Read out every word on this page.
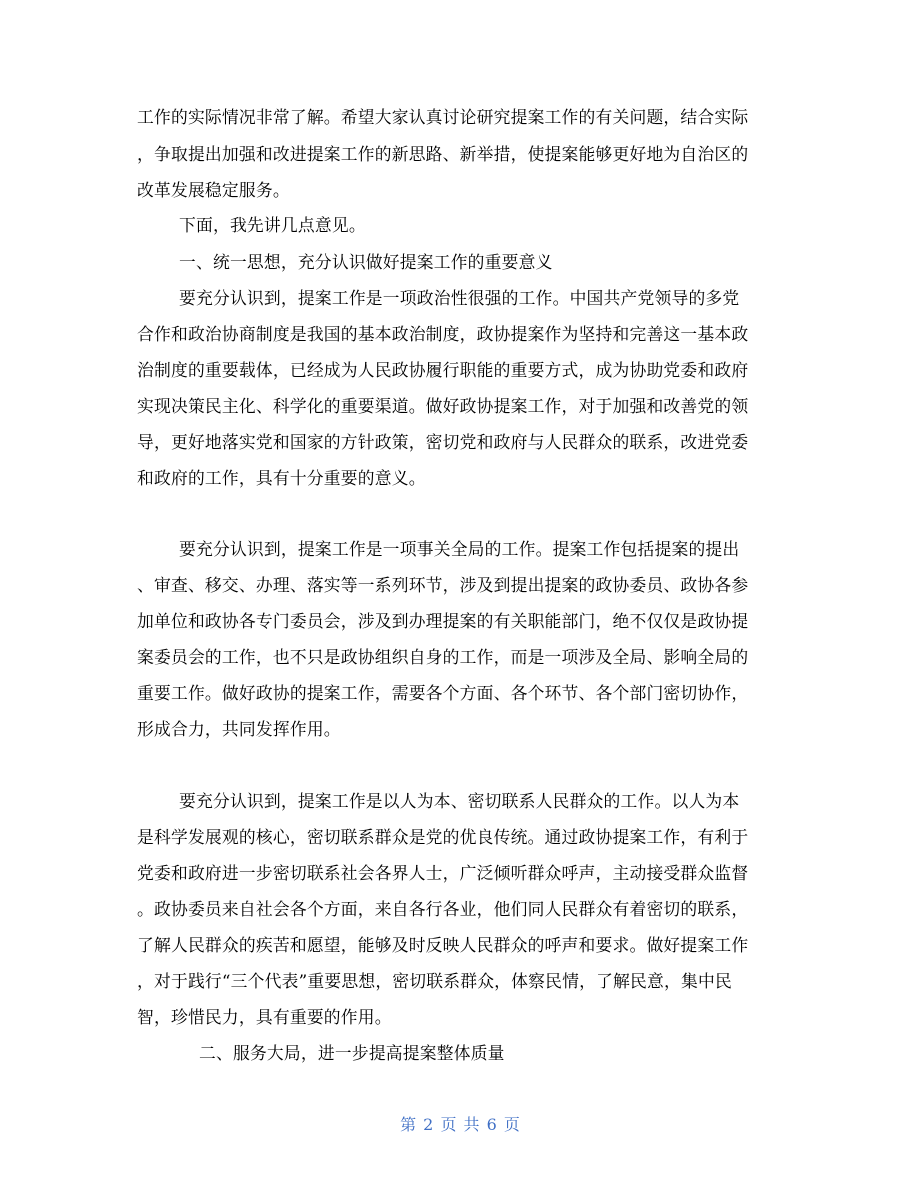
工作的实际情况非常了解。希望大家认真讨论研究提案工作的有关问题，结合实际
，争取提出加强和改进提案工作的新思路、新举措，使提案能够更好地为自治区的
改革发展稳定服务。
下面，我先讲几点意见。
一、统一思想，充分认识做好提案工作的重要意义
要充分认识到，提案工作是一项政治性很强的工作。中国共产党领导的多党
合作和政治协商制度是我国的基本政治制度，政协提案作为坚持和完善这一基本政
治制度的重要载体，已经成为人民政协履行职能的重要方式，成为协助党委和政府
实现决策民主化、科学化的重要渠道。做好政协提案工作，对于加强和改善党的领
导，更好地落实党和国家的方针政策，密切党和政府与人民群众的联系，改进党委
和政府的工作，具有十分重要的意义。
要充分认识到，提案工作是一项事关全局的工作。提案工作包括提案的提出
、审查、移交、办理、落实等一系列环节，涉及到提出提案的政协委员、政协各参
加单位和政协各专门委员会，涉及到办理提案的有关职能部门，绝不仅仅是政协提
案委员会的工作，也不只是政协组织自身的工作，而是一项涉及全局、影响全局的
重要工作。做好政协的提案工作，需要各个方面、各个环节、各个部门密切协作，
形成合力，共同发挥作用。
要充分认识到，提案工作是以人为本、密切联系人民群众的工作。以人为本
是科学发展观的核心，密切联系群众是党的优良传统。通过政协提案工作，有利于
党委和政府进一步密切联系社会各界人士，广泛倾听群众呼声，主动接受群众监督
。政协委员来自社会各个方面，来自各行各业，他们同人民群众有着密切的联系，
了解人民群众的疾苦和愿望，能够及时反映人民群众的呼声和要求。做好提案工作
，对于践行“三个代表”重要思想，密切联系群众，体察民情，了解民意，集中民
智，珍惜民力，具有重要的作用。
二、服务大局，进一步提高提案整体质量
第 2 页 共 6 页
